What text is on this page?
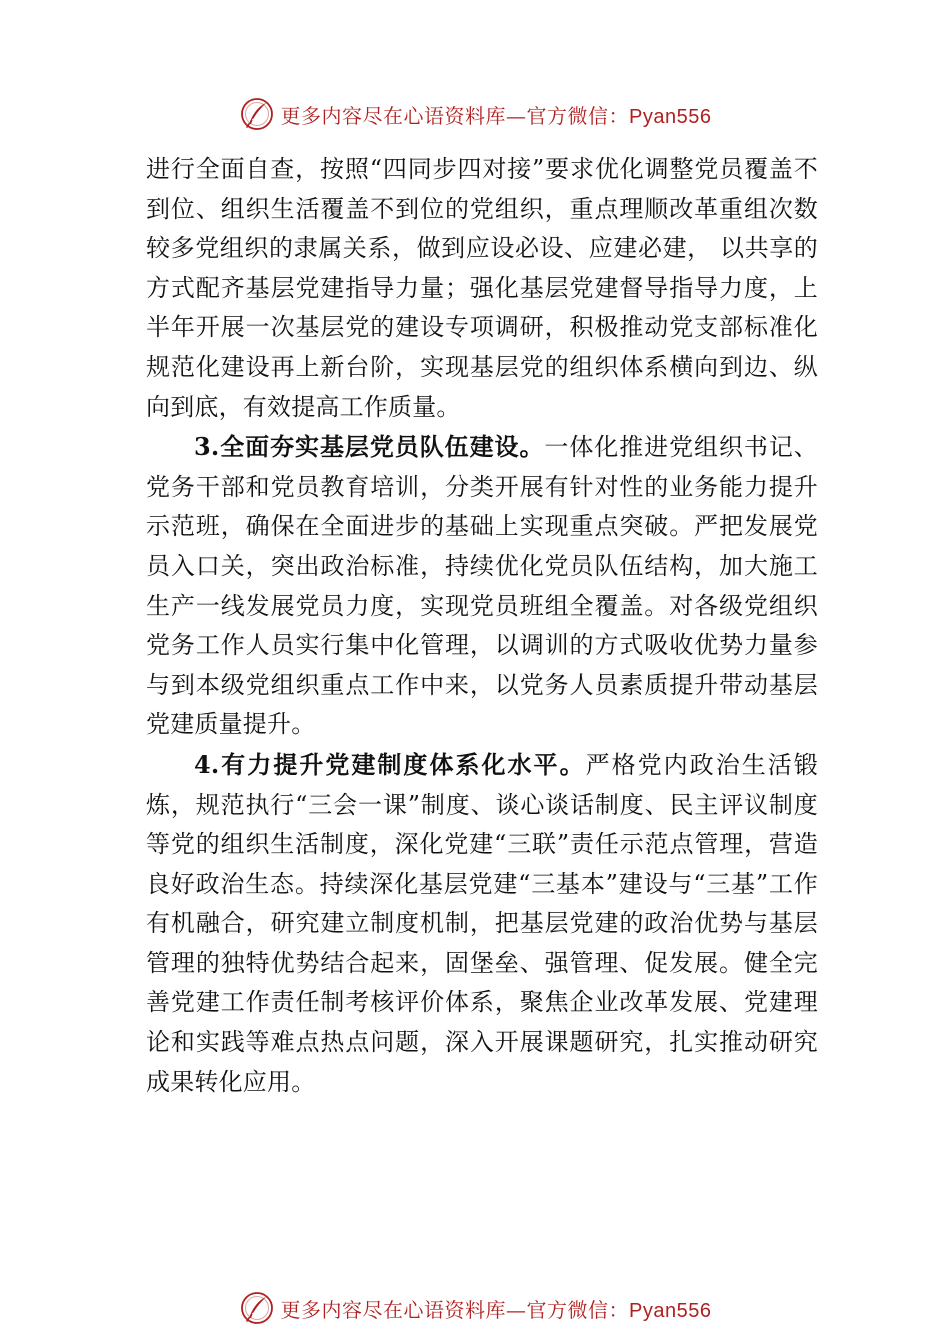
更多内容尽在心语资料库—官方微信：Pyan556

进行全面自查，按照“四同步四对接”要求优化调整党员覆盖不到位、组织生活覆盖不到位的党组织，重点理顺改革重组次数较多党组织的隶属关系，做到应设必设、应建必建， 以共享的方式配齐基层党建指导力量；强化基层党建督导指导力度，上半年开展一次基层党的建设专项调研，积极推动党支部标准化规范化建设再上新台阶，实现基层党的组织体系横向到边、纵向到底，有效提高工作质量。

3.全面夯实基层党员队伍建设。一体化推进党组织书记、党务干部和党员教育培训，分类开展有针对性的业务能力提升示范班，确保在全面进步的基础上实现重点突破。严把发展党员入口关，突出政治标准，持续优化党员队伍结构，加大施工生产一线发展党员力度，实现党员班组全覆盖。对各级党组织党务工作人员实行集中化管理，以调训的方式吸收优势力量参与到本级党组织重点工作中来，以党务人员素质提升带动基层党建质量提升。

4.有力提升党建制度体系化水平。严格党内政治生活锻炼，规范执行“三会一课”制度、谈心谈话制度、民主评议制度等党的组织生活制度，深化党建“三联”责任示范点管理，营造良好政治生态。持续深化基层党建“三基本”建设与“三基”工作有机融合，研究建立制度机制，把基层党建的政治优势与基层管理的独特优势结合起来，固堡垒、强管理、促发展。健全完善党建工作责任制考核评价体系，聚焦企业改革发展、党建理论和实践等难点热点问题，深入开展课题研究，扎实推动研究成果转化应用。

更多内容尽在心语资料库—官方微信：Pyan556
